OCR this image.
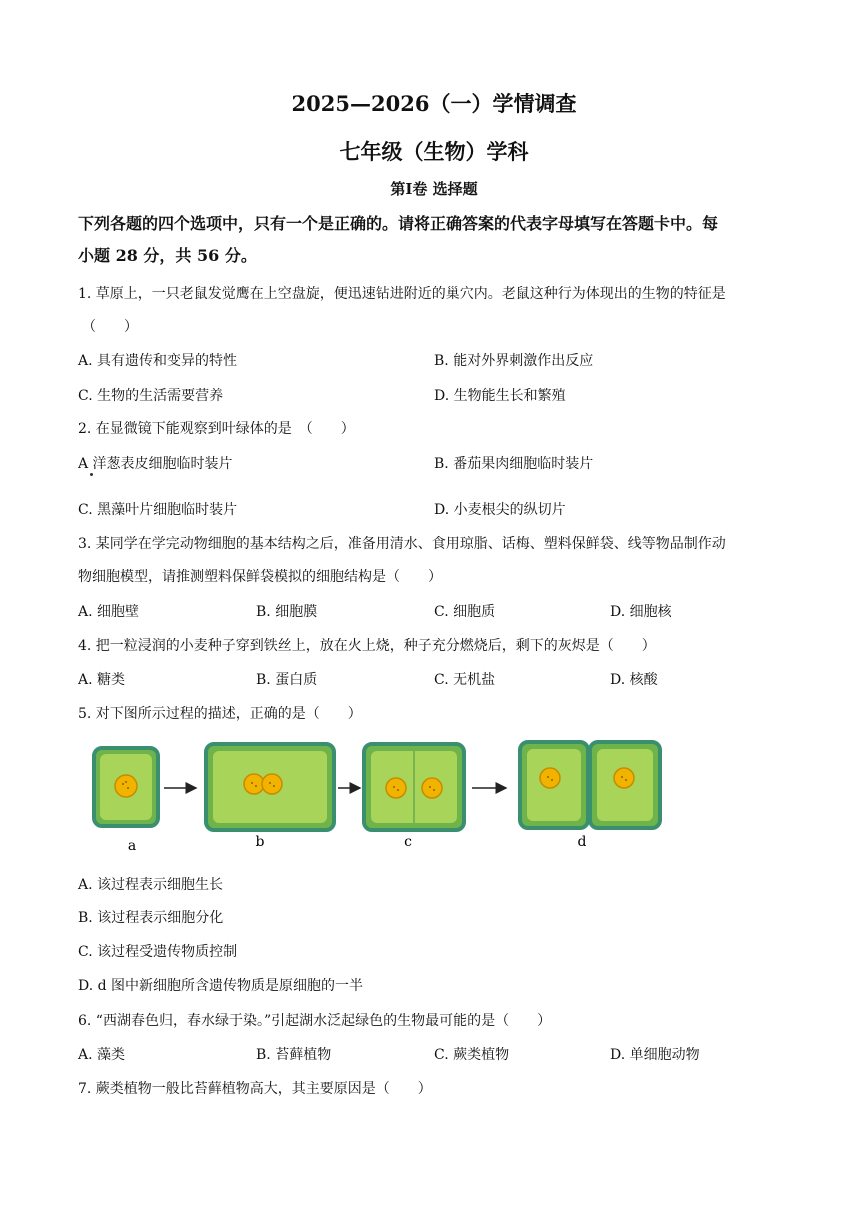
2025—2026（一）学情调查
七年级（生物）学科
第Ⅰ卷 选择题
下列各题的四个选项中，只有一个是正确的。请将正确答案的代表字母填写在答题卡中。每
小题 28 分，共 56 分。
1. 草原上，一只老鼠发觉鹰在上空盘旋，便迅速钻进附近的巢穴内。老鼠这种行为体现出的生物的特征是
（　　）
A. 具有遗传和变异的特性	B. 能对外界刺激作出反应
C. 生物的生活需要营养	D. 生物能生长和繁殖
2. 在显微镜下能观察到叶绿体的是　（　　）
A 洋葱表皮细胞临时装片	B. 番茄果肉细胞临时装片
C. 黑藻叶片细胞临时装片	D. 小麦根尖的纵切片
3. 某同学在学完动物细胞的基本结构之后，准备用清水、食用琼脂、话梅、塑料保鲜袋、线等物品制作动
物细胞模型，请推测塑料保鲜袋模拟的细胞结构是（　　）
A. 细胞壁	B. 细胞膜	C. 细胞质	D. 细胞核
4. 把一粒浸润的小麦种子穿到铁丝上，放在火上烧，种子充分燃烧后，剩下的灰烬是（　　）
A. 糖类	B. 蛋白质	C. 无机盐	D. 核酸
5. 对下图所示过程的描述，正确的是（　　）
a	b	c	d
A. 该过程表示细胞生长
B. 该过程表示细胞分化
C. 该过程受遗传物质控制
D. d 图中新细胞所含遗传物质是原细胞的一半
6. “西湖春色归，春水绿于染。”引起湖水泛起绿色的生物最可能的是（　　）
A. 藻类	B. 苔藓植物	C. 蕨类植物	D. 单细胞动物
7. 蕨类植物一般比苔藓植物高大，其主要原因是（　　）
